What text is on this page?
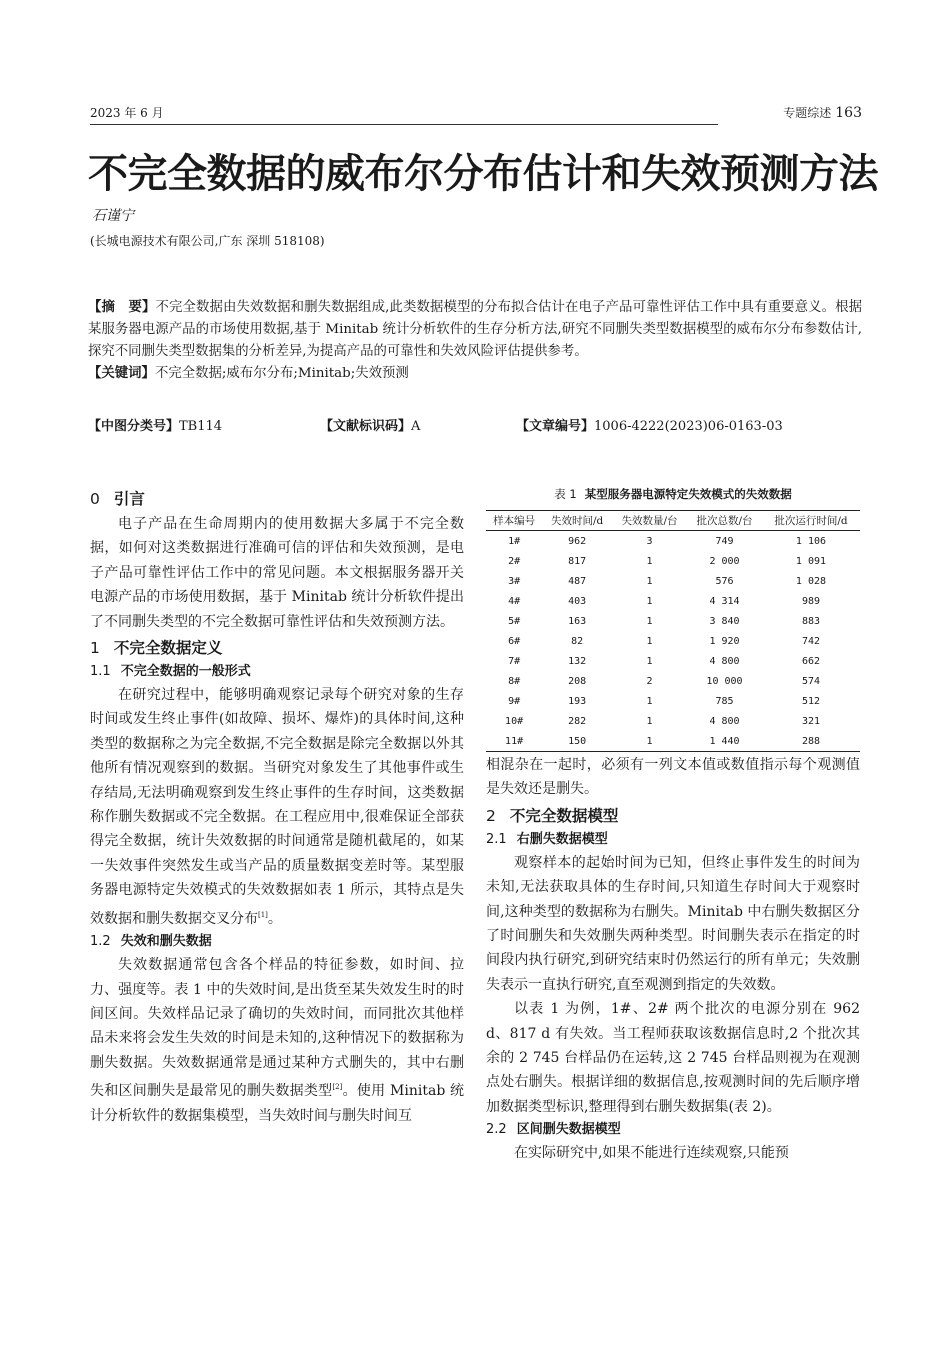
2023 年 6 月	专题综述 163
不完全数据的威布尔分布估计和失效预测方法
石谨宁
(长城电源技术有限公司,广东 深圳 518108)

【摘　要】不完全数据由失效数据和删失数据组成,此类数据模型的分布拟合估计在电子产品可靠性评估工作中具有重要意义。根据某服务器电源产品的市场使用数据,基于 Minitab 统计分析软件的生存分析方法,研究不同删失类型数据模型的威布尔分布参数估计,探究不同删失类型数据集的分析差异,为提高产品的可靠性和失效风险评估提供参考。

【关键词】不完全数据;威布尔分布;Minitab;失效预测

【中图分类号】TB114	【文献标识码】A	【文章编号】1006-4222(2023)06-0163-03
0 引言

电子产品在生命周期内的使用数据大多属于不完全数据，如何对这类数据进行准确可信的评估和失效预测，是电子产品可靠性评估工作中的常见问题。本文根据服务器开关电源产品的市场使用数据，基于 Minitab 统计分析软件提出了不同删失类型的不完全数据可靠性评估和失效预测方法。

1 不完全数据定义
1.1 不完全数据的一般形式

在研究过程中，能够明确观察记录每个研究对象的生存时间或发生终止事件(如故障、损坏、爆炸)的具体时间,这种类型的数据称之为完全数据,不完全数据是除完全数据以外其他所有情况观察到的数据。当研究对象发生了其他事件或生存结局,无法明确观察到发生终止事件的生存时间，这类数据称作删失数据或不完全数据。在工程应用中,很难保证全部获得完全数据，统计失效数据的时间通常是随机截尾的，如某一失效事件突然发生或当产品的质量数据变差时等。某型服务器电源特定失效模式的失效数据如表 1 所示，其特点是失效数据和删失数据交叉分布[1]。

1.2 失效和删失数据

失效数据通常包含各个样品的特征参数，如时间、拉力、强度等。表 1 中的失效时间,是出货至某失效发生时的时间区间。失效样品记录了确切的失效时间，而同批次其他样品未来将会发生失效的时间是未知的,这种情况下的数据称为删失数据。失效数据通常是通过某种方式删失的，其中右删失和区间删失是最常见的删失数据类型[2]。使用 Minitab 统计分析软件的数据集模型，当失效时间与删失时间互

表 1 某型服务器电源特定失效模式的失效数据
样本编号	失效时间/d	失效数量/台	批次总数/台	批次运行时间/d
1#	962	3	749	1 106
2#	817	1	2 000	1 091
3#	487	1	576	1 028
4#	403	1	4 314	989
5#	163	1	3 840	883
6#	82	1	1 920	742
7#	132	1	4 800	662
8#	208	2	10 000	574
9#	193	1	785	512
10#	282	1	4 800	321
11#	150	1	1 440	288

相混杂在一起时，必须有一列文本值或数值指示每个观测值是失效还是删失。

2 不完全数据模型
2.1 右删失数据模型

观察样本的起始时间为已知，但终止事件发生的时间为未知,无法获取具体的生存时间,只知道生存时间大于观察时间,这种类型的数据称为右删失。Minitab 中右删失数据区分了时间删失和失效删失两种类型。时间删失表示在指定的时间段内执行研究,到研究结束时仍然运行的所有单元；失效删失表示一直执行研究,直至观测到指定的失效数。

以表 1 为例，1#、2# 两个批次的电源分别在 962 d、817 d 有失效。当工程师获取该数据信息时,2 个批次其余的 2 745 台样品仍在运转,这 2 745 台样品则视为在观测点处右删失。根据详细的数据信息,按观测时间的先后顺序增加数据类型标识,整理得到右删失数据集(表 2)。

2.2 区间删失数据模型

在实际研究中,如果不能进行连续观察,只能预
